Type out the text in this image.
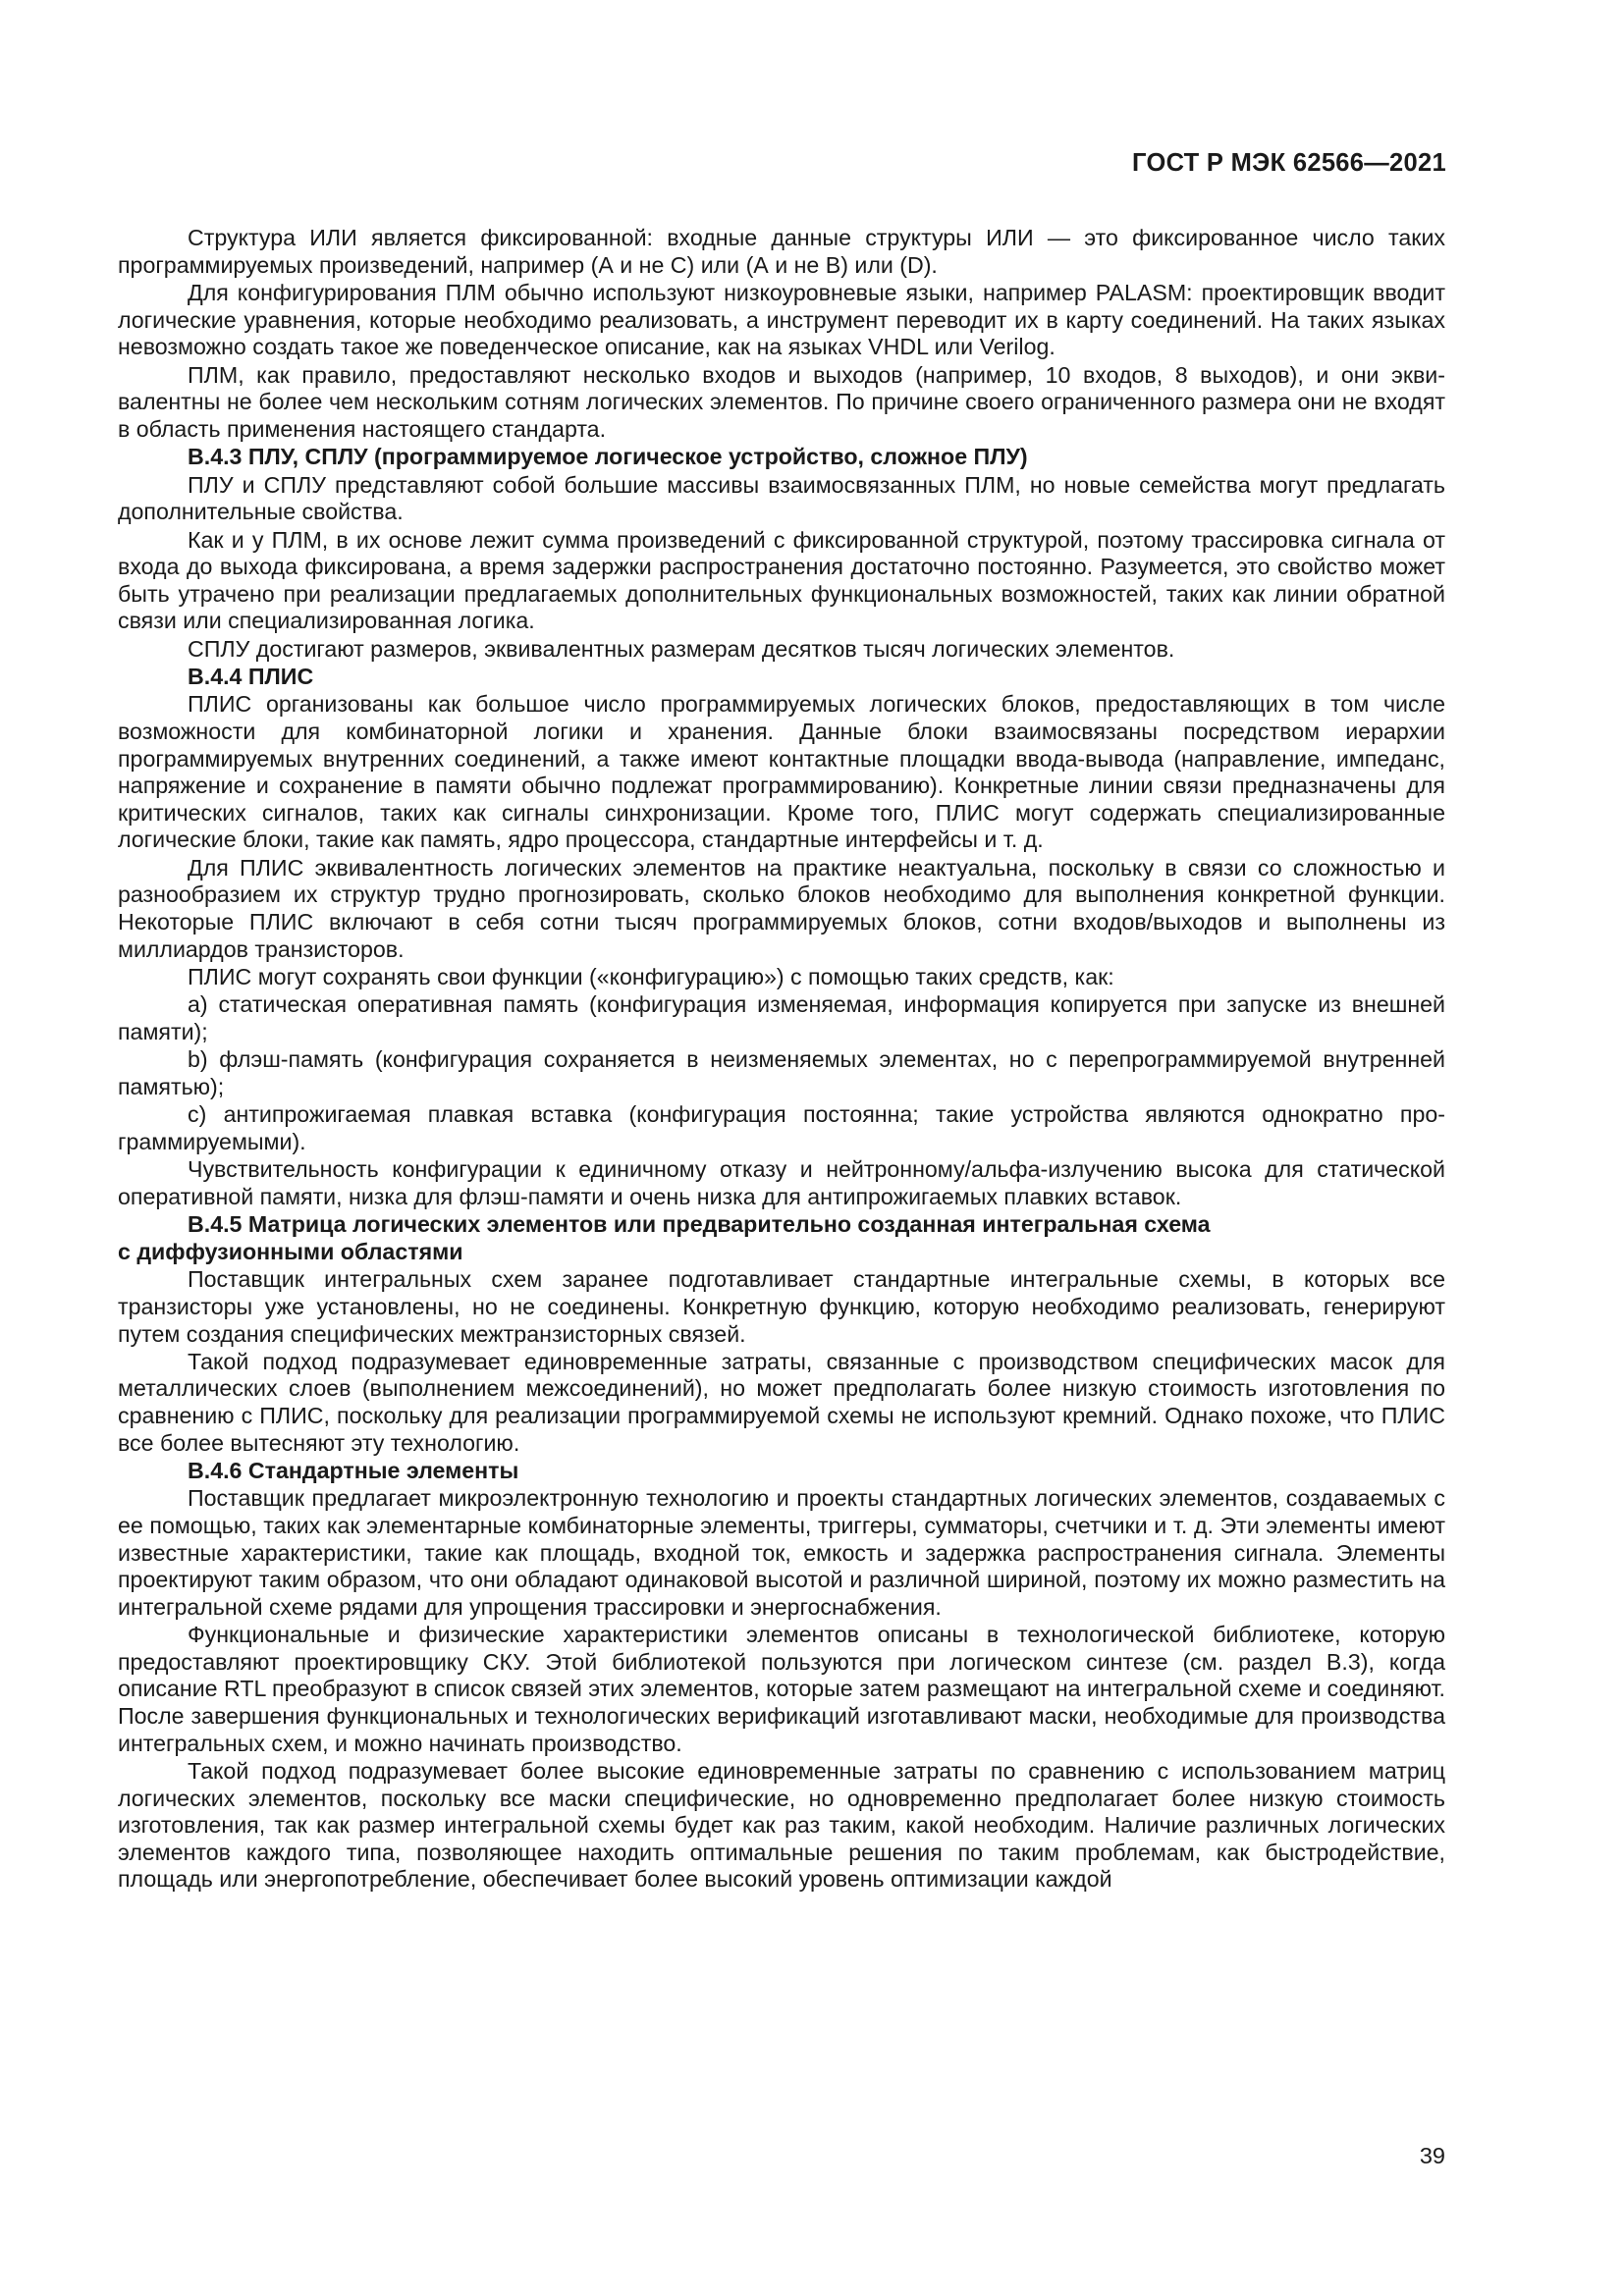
ГОСТ Р МЭК 62566—2021
Структура ИЛИ является фиксированной: входные данные структуры ИЛИ — это фиксированное число таких программируемых произведений, например (А и не С) или (А и не В) или (D).
Для конфигурирования ПЛМ обычно используют низкоуровневые языки, например PALASM: проектировщик вводит логические уравнения, которые необходимо реализовать, а инструмент переводит их в карту соединений. На таких языках невозможно создать такое же поведенческое описание, как на языках VHDL или Verilog.
ПЛМ, как правило, предоставляют несколько входов и выходов (например, 10 входов, 8 выходов), и они эквивалентны не более чем нескольким сотням логических элементов. По причине своего ограниченного размера они не входят в область применения настоящего стандарта.
В.4.3 ПЛУ, СПЛУ (программируемое логическое устройство, сложное ПЛУ)
ПЛУ и СПЛУ представляют собой большие массивы взаимосвязанных ПЛМ, но новые семейства могут предлагать дополнительные свойства.
Как и у ПЛМ, в их основе лежит сумма произведений с фиксированной структурой, поэтому трассировка сигнала от входа до выхода фиксирована, а время задержки распространения достаточно постоянно. Разумеется, это свойство может быть утрачено при реализации предлагаемых дополнительных функциональных возможностей, таких как линии обратной связи или специализированная логика.
СПЛУ достигают размеров, эквивалентных размерам десятков тысяч логических элементов.
В.4.4 ПЛИС
ПЛИС организованы как большое число программируемых логических блоков, предоставляющих в том числе возможности для комбинаторной логики и хранения. Данные блоки взаимосвязаны посредством иерархии программируемых внутренних соединений, а также имеют контактные площадки ввода-вывода (направление, импеданс, напряжение и сохранение в памяти обычно подлежат программированию). Конкретные линии связи предназначены для критических сигналов, таких как сигналы синхронизации. Кроме того, ПЛИС могут содержать специализированные логические блоки, такие как память, ядро процессора, стандартные интерфейсы и т. д.
Для ПЛИС эквивалентность логических элементов на практике неактуальна, поскольку в связи со сложностью и разнообразием их структур трудно прогнозировать, сколько блоков необходимо для выполнения конкретной функции. Некоторые ПЛИС включают в себя сотни тысяч программируемых блоков, сотни входов/выходов и выполнены из миллиардов транзисторов.
ПЛИС могут сохранять свои функции («конфигурацию») с помощью таких средств, как:
a) статическая оперативная память (конфигурация изменяемая, информация копируется при запуске из внешней памяти);
b) флэш-память (конфигурация сохраняется в неизменяемых элементах, но с перепрограммируемой внутренней памятью);
c) антипрожигаемая плавкая вставка (конфигурация постоянна; такие устройства являются однократно программируемыми).
Чувствительность конфигурации к единичному отказу и нейтронному/альфа-излучению высока для статической оперативной памяти, низка для флэш-памяти и очень низка для антипрожигаемых плавких вставок.
В.4.5 Матрица логических элементов или предварительно созданная интегральная схема
с диффузионными областями
Поставщик интегральных схем заранее подготавливает стандартные интегральные схемы, в которых все транзисторы уже установлены, но не соединены. Конкретную функцию, которую необходимо реализовать, генерируют путем создания специфических межтранзисторных связей.
Такой подход подразумевает единовременные затраты, связанные с производством специфических масок для металлических слоев (выполнением межсоединений), но может предполагать более низкую стоимость изготовления по сравнению с ПЛИС, поскольку для реализации программируемой схемы не используют кремний. Однако похоже, что ПЛИС все более вытесняют эту технологию.
В.4.6 Стандартные элементы
Поставщик предлагает микроэлектронную технологию и проекты стандартных логических элементов, создаваемых с ее помощью, таких как элементарные комбинаторные элементы, триггеры, сумматоры, счетчики и т. д. Эти элементы имеют известные характеристики, такие как площадь, входной ток, емкость и задержка распространения сигнала. Элементы проектируют таким образом, что они обладают одинаковой высотой и различной шириной, поэтому их можно разместить на интегральной схеме рядами для упрощения трассировки и энергоснабжения.
Функциональные и физические характеристики элементов описаны в технологической библиотеке, которую предоставляют проектировщику СКУ. Этой библиотекой пользуются при логическом синтезе (см. раздел В.3), когда описание RTL преобразуют в список связей этих элементов, которые затем размещают на интегральной схеме и соединяют. После завершения функциональных и технологических верификаций изготавливают маски, необходимые для производства интегральных схем, и можно начинать производство.
Такой подход подразумевает более высокие единовременные затраты по сравнению с использованием матриц логических элементов, поскольку все маски специфические, но одновременно предполагает более низкую стоимость изготовления, так как размер интегральной схемы будет как раз таким, какой необходим. Наличие различных логических элементов каждого типа, позволяющее находить оптимальные решения по таким проблемам, как быстродействие, площадь или энергопотребление, обеспечивает более высокий уровень оптимизации каждой
39
